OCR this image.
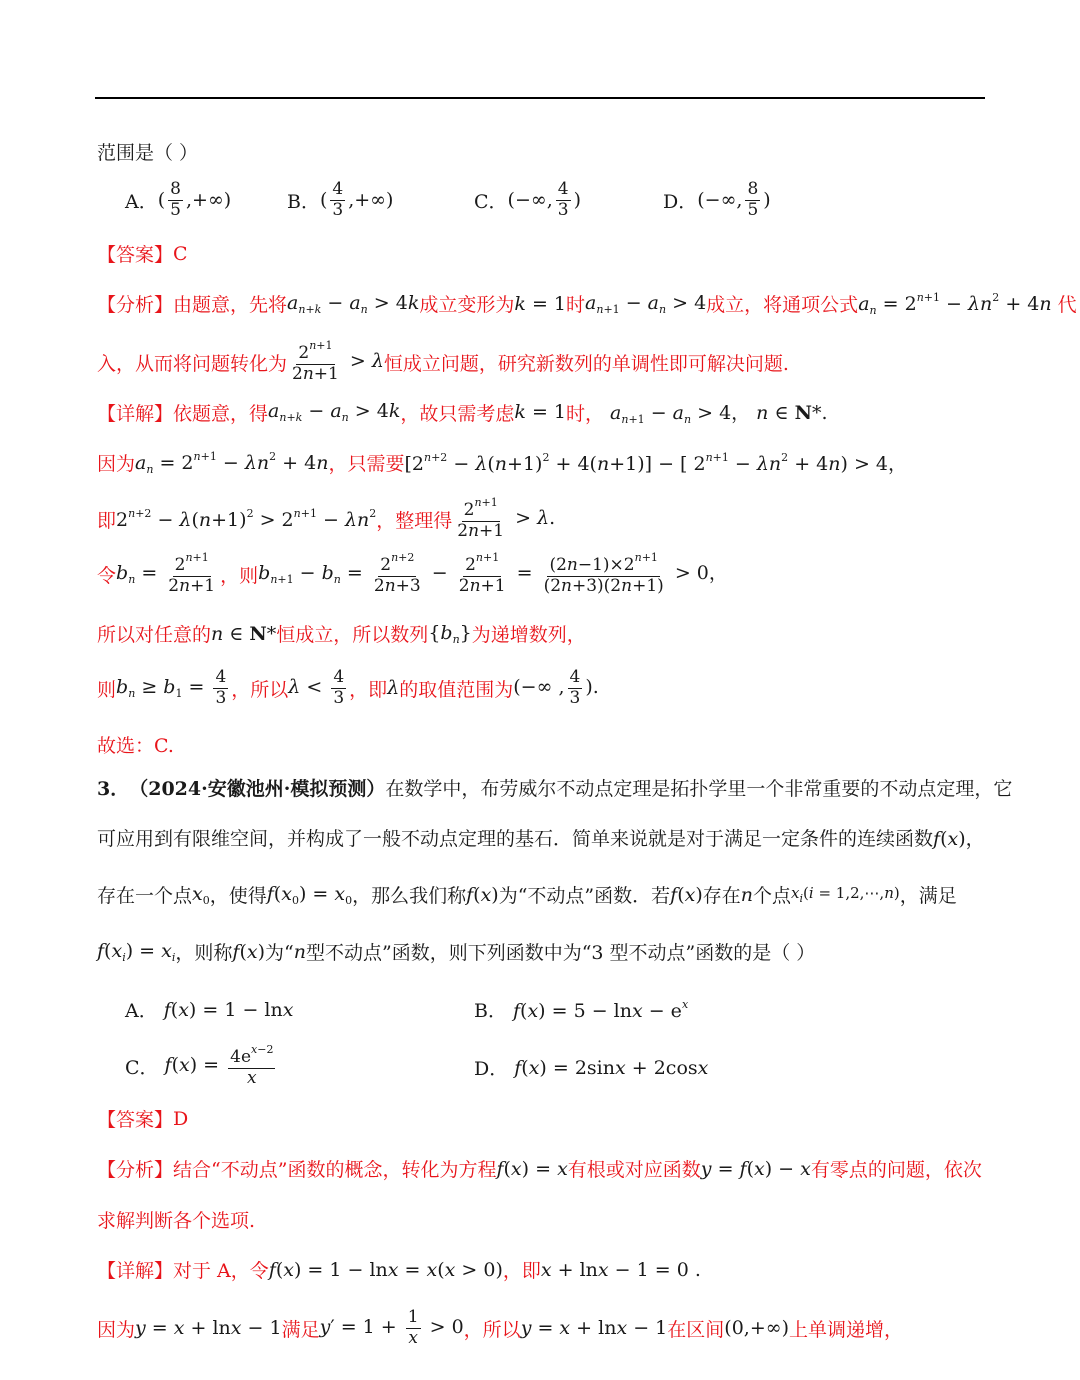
范围是（ ）
A． ( $\frac{8}{5}$ ,+∞)	B． ( $\frac{4}{3}$ ,+∞)	C． (−∞, $\frac{4}{3}$ )	D． (−∞, $\frac{8}{5}$ )
【答案】 C
【分析】 由题意，先将 $a_{n+k} - a_n > 4k$ 成立变形为 k = 1 时 $a_{n+1} - a_n > 4$ 成立，将通项公式 $a_n = 2^{n+1} - \lambda n^2 + 4n$ 代
入，从而将问题转化为 $\frac{2^{n+1}}{2n+1} > \lambda$ 恒成立问题，研究新数列的单调性即可解决问题.
【详解】 依题意，得 $a_{n+k} - a_n > 4k$ ，故只需考虑 k = 1 时， $a_{n+1} - a_n > 4$， n ∈ N*.
因为 $a_n = 2^{n+1} - \lambda n^2 + 4n$ ，只需要 $[2^{n+2} - \lambda(n+1)^2 + 4(n+1)]$ − [ $2^{n+1} - \lambda n^2 + 4n) > 4$，
即 $2^{n+2} - \lambda(n+1)^2 > 2^{n+1} - \lambda n^2$ ，整理得 $\frac{2^{n+1}}{2n+1} > \lambda$.
令 $b_n = \frac{2^{n+1}}{2n+1}$ ，则 $b_{n+1} - b_n = \frac{2^{n+2}}{2n+3} - \frac{2^{n+1}}{2n+1} = \frac{(2n-1)\times 2^{n+1}}{(2n+3)(2n+1)} > 0$，
所以对任意的 n ∈ N* 恒成立，所以数列 $\{b_n\}$ 为递增数列，
则 $b_n \ge b_1 = \frac{4}{3}$ ，所以 $\lambda < \frac{4}{3}$ ，即 λ 的取值范围为 (−∞ , $\frac{4}{3}$ ).
故选：C.
3． （2024·安徽池州·模拟预测） 在数学中，布劳威尔不动点定理是拓扑学里一个非常重要的不动点定理，它
可应用到有限维空间，并构成了一般不动点定理的基石．简单来说就是对于满足一定条件的连续函数 f(x)，
存在一个点 $x_0$ ，使得 $f(x_0) = x_0$ ，那么我们称 f(x) 为“不动点”函数．若 f(x) 存在 n 个点 $x_i(i$ = 1,2,⋯,n) ，满足
$f(x_i) = x_i$ ，则称 f(x) 为“ n 型不动点”函数，则下列函数中为“3 型不动点”函数的是（ ）
A． f(x) = 1 − lnx	B． $f(x) = 5 - \ln x - e^x$
C． $f(x) = \frac{4e^{x-2}}{x}$	D． f(x) = 2sinx + 2cosx
【答案】 D
【分析】 结合“不动点”函数的概念，转化为方程 f(x) = x 有根或对应函数 y = f(x) − x 有零点的问题，依次
求解判断各个选项.
【详解】 对于 A，令 f(x) = 1 − lnx = x(x > 0) ，即 x + lnx − 1 = 0 .
因为 y = x + lnx − 1 满足 $y' = 1 + \frac{1}{x} > 0$ ，所以 y = x + lnx − 1 在区间 (0,+∞) 上单调递增，
